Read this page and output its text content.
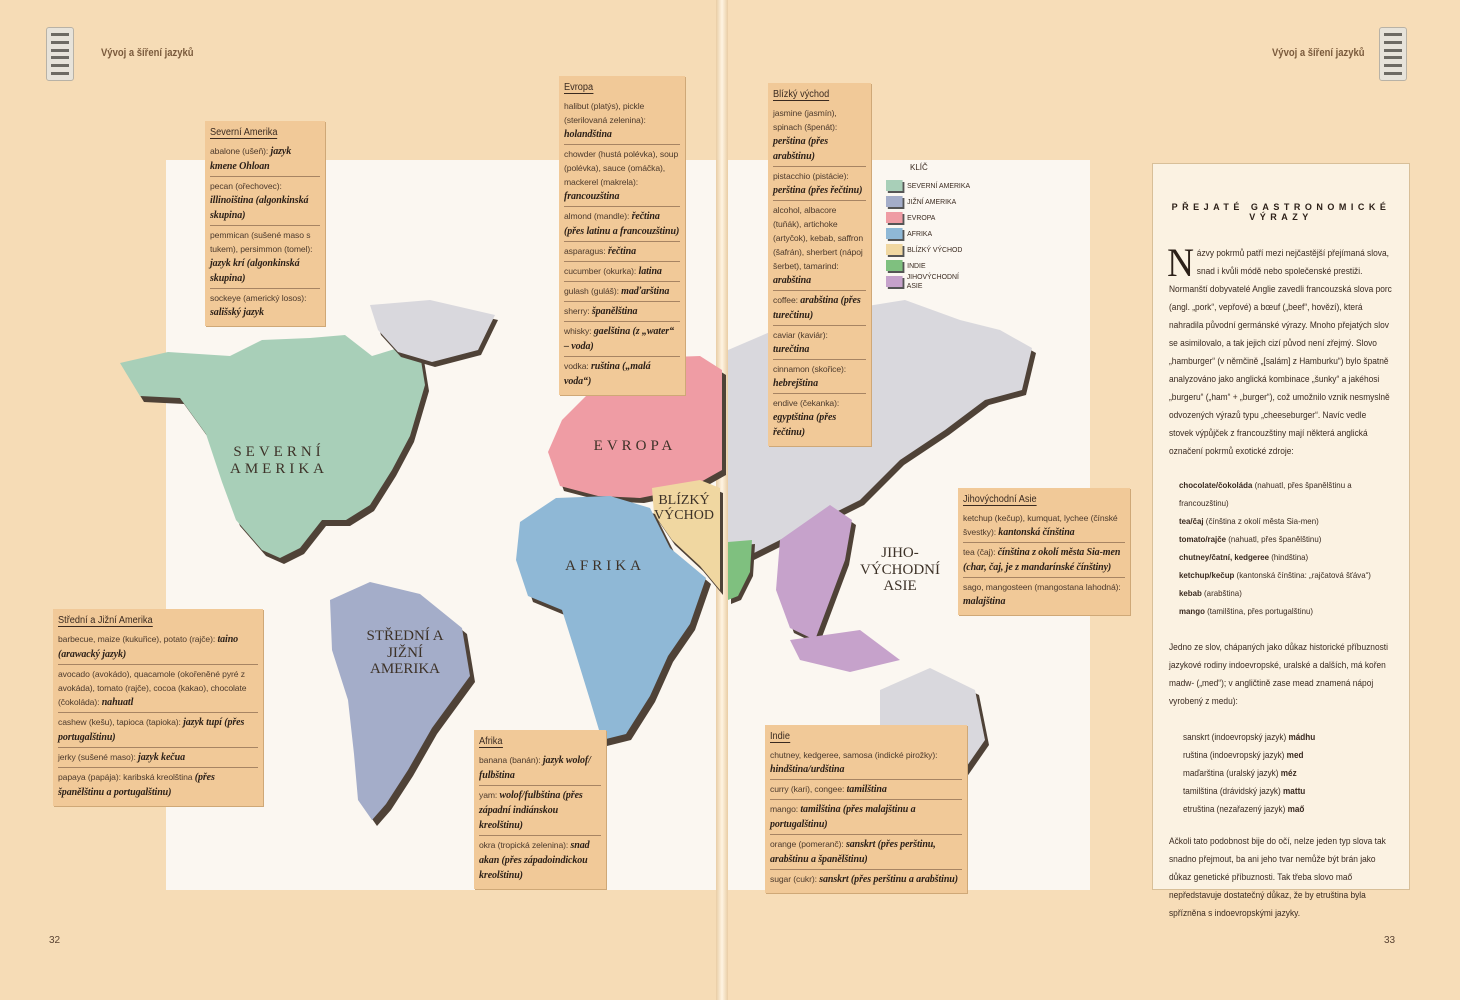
SEVERNÍ AMERIKA
STŘEDNÍ A JIŽNÍ AMERIKA
EVROPA
AFRIKA
BLÍZKÝ VÝCHOD
JIHO-VÝCHODNÍ ASIE
Vývoj a šíření jazyků
32
Vývoj a šíření jazyků
33
Severní Amerika
abalone (ušeň): jazyk kmene Ohloan
pecan (ořechovec): illinoiština (algonkinská skupina)
pemmican (sušené maso s tukem), persimmon (tomel): jazyk krí (algonkinská skupina)
sockeye (americký losos): sališský jazyk
Evropa
halibut (platýs), pickle (sterilovaná zelenina): holandština
chowder (hustá polévka), soup (polévka), sauce (omáčka), mackerel (makrela): francouzština
almond (mandle): řečtina (přes latinu a francouzštinu)
asparagus: řečtina
cucumber (okurka): latina
gulash (guláš): maďarština
sherry: španělština
whisky: gaelština (z „water“ – voda)
vodka: ruština („malá voda“)
Střední a Jižní Amerika
barbecue, maize (kukuřice), potato (rajče): taino (arawacký jazyk)
avocado (avokádo), quacamole (okořeněné pyré z avokáda), tomato (rajče), cocoa (kakao), chocolate (čokoláda): nahuatl
cashew (kešu), tapioca (tapioka): jazyk tupí (přes portugalštinu)
jerky (sušené maso): jazyk kečua
papaya (papája): karibská kreolština (přes španělštinu a portugalštinu)
Afrika
banana (banán): jazyk wolof/ fulbština
yam: wolof/fulbština (přes západní indiánskou kreolštinu)
okra (tropická zelenina): snad akan (přes západoindickou kreolštinu)
Blízký východ
jasmine (jasmín), spinach (špenát): perština (přes arabštinu)
pistacchio (pistácie): perština (přes řečtinu)
alcohol, albacore (tuňák), artichoke (artyčok), kebab, saffron (šafrán), sherbert (nápoj šerbet), tamarind: arabština
coffee: arabština (přes turečtinu)
caviar (kaviár): turečtina
cinnamon (skořice): hebrejština
endive (čekanka): egyptština (přes řečtinu)
Jihovýchodní Asie
ketchup (kečup), kumquat, lychee (čínské švestky): kantonská čínština
tea (čaj): čínština z okolí města Sia-men (char, čaj, je z mandarínské čínštiny)
sago, mangosteen (mangostana lahodná): malajština
Indie
chutney, kedgeree, samosa (indické pirožky): hindština/urdština
curry (kari), congee: tamilština
mango: tamilština (přes malajštinu a portugalštinu)
orange (pomeranč): sanskrt (přes perštinu, arabštinu a španělštinu)
sugar (cukr): sanskrt (přes perštinu a arabštinu)
KLÍČ
SEVERNÍ AMERIKA
JIŽNÍ AMERIKA
EVROPA
AFRIKA
BLÍZKÝ VÝCHOD
INDIE
JIHOVÝCHODNÍ ASIE
PŘEJATÉ GASTRONOMICKÉ VÝRAZY
Názvy pokrmů patří mezi nejčastější přejímaná slova, snad i kvůli módě nebo společenské prestiži. Normanští dobyvatelé Anglie zavedli francouzská slova porc (angl. „pork“, vepřové) a bœuf („beef“, hovězí), která nahradila původní germánské výrazy. Mnoho přejatých slov se asimilovalo, a tak jejich cizí původ není zřejmý. Slovo „hamburger“ (v němčině „[salám] z Hamburku“) bylo špatně analyzováno jako anglická kombinace „šunky“ a jakéhosi „burgeru“ („ham“ + „burger“), což umožnilo vznik nesmyslně odvozených výrazů typu „cheeseburger“. Navíc vedle stovek výpůjček z francouzštiny mají některá anglická označení pokrmů exotické zdroje:
chocolate/čokoláda (nahuatl, přes španělštinu a francouzštinu)
tea/čaj (čínština z okolí města Sia-men)
tomato/rajče (nahuatl, přes španělštinu)
chutney/čatní, kedgeree (hindština)
ketchup/kečup (kantonská čínština: „rajčatová šťáva“)
kebab (arabština)
mango (tamilština, přes portugalštinu)
Jedno ze slov, chápaných jako důkaz historické příbuznosti jazykové rodiny indoevropské, uralské a dalších, má kořen madw- („med“); v angličtině zase mead znamená nápoj vyrobený z medu):
sanskrt (indoevropský jazyk) mádhu
ruština (indoevropský jazyk) med
maďarština (uralský jazyk) méz
tamilština (drávidský jazyk) mattu
etruština (nezařazený jazyk) maő
Ačkoli tato podobnost bije do očí, nelze jeden typ slova tak snadno přejmout, ba ani jeho tvar nemůže být brán jako důkaz genetické příbuznosti. Tak třeba slovo maő nepředstavuje dostatečný důkaz, že by etruština byla spřízněna s indoevropskými jazyky.
